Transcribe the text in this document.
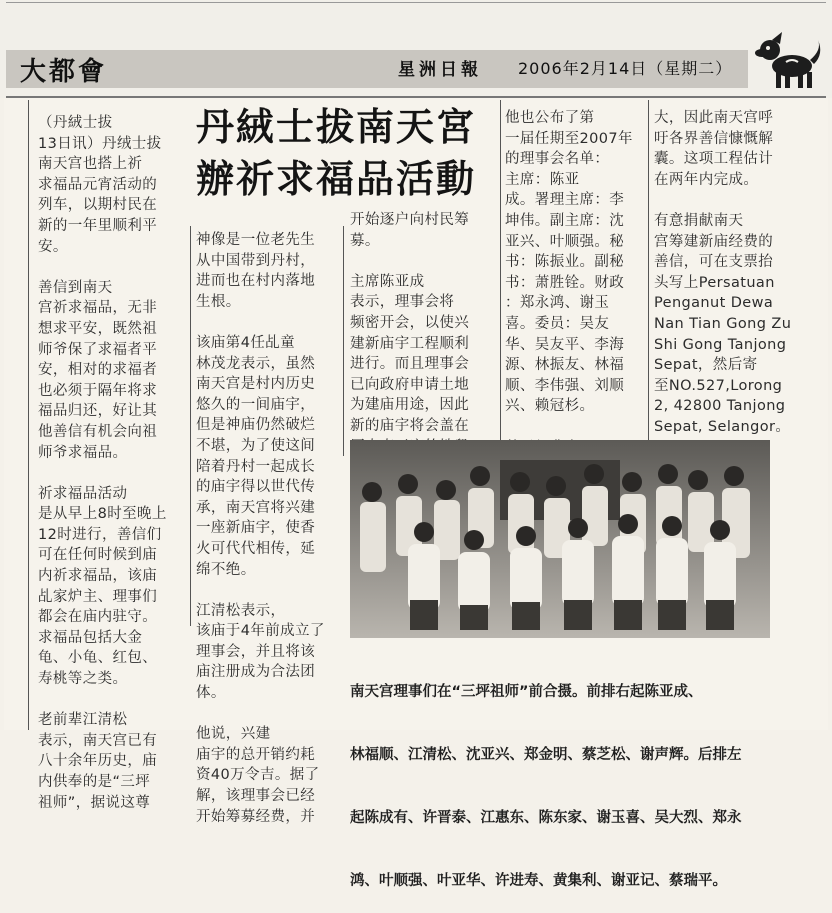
大都會	星洲日報 2006年2月14日（星期二）
丹絨士拔南天宮
辦祈求福品活動
（丹絨士拔
13日讯）丹绒士拔
南天宫也搭上祈
求福品元宵活动的
列车，以期村民在
新的一年里顺利平
安。

善信到南天
宫祈求福品，无非
想求平安，既然祖
师爷保了求福者平
安，相对的求福者
也必须于隔年将求
福品归还，好让其
他善信有机会向祖
师爷求福品。

祈求福品活动
是从早上8时至晚上
12时进行，善信们
可在任何时候到庙
内祈求福品，该庙
乩家炉主、理事们
都会在庙内驻守。
求福品包括大金
龟、小龟、红包、
寿桃等之类。

老前辈江清松
表示，南天宫已有
八十余年历史，庙
内供奉的是“三坪
祖师”，据说这尊
神像是一位老先生
从中国带到丹村，
进而也在村内落地
生根。

该庙第4任乩童
林茂龙表示，虽然
南天宫是村内历史
悠久的一间庙宇，
但是神庙仍然破烂
不堪，为了使这间
陪着丹村一起成长
的庙宇得以世代传
承，南天宫将兴建
一座新庙宇，使香
火可代代相传，延
绵不绝。

江清松表示，
该庙于4年前成立了
理事会，并且将该
庙注册成为合法团
体。

他说，兴建
庙宇的总开销约耗
资40万令吉。据了
解，该理事会已经
开始筹募经费，并
开始逐户向村民筹
募。

主席陈亚成
表示，理事会将
频密开会，以使兴
建新庙宇工程顺利
进行。而且理事会
已向政府申请土地
为建庙用途，因此
新的庙宇将会盖在
他也公布了第
一届任期至2007年
的理事会名单：
主席：陈亚
成。署理主席：李
坤伟。副主席：沈
亚兴、叶顺强。秘
书：陈振业。副秘
书：萧胜铨。财政
：郑永鸿、谢玉
喜。委员：吴友
华、吴友平、李海
源、林振友、林福
顺、李伟强、刘顺
兴、赖冠杉。

大，因此南天宫呼
吁各界善信慷慨解
囊。这项工程估计
在两年内完成。

有意捐献南天
宫筹建新庙经费的
善信，可在支票抬
头写上Persatuan
Penganut Dewa
Nan Tian Gong Zu
Shi Gong Tanjong
Sepat，然后寄
至NO.527,Lorong
2, 42800 Tanjong
Sepat, Selangor。

南天宫理事们在“三坪祖师”前合摄。前排右起陈亚成、

林福顺、江清松、沈亚兴、郑金明、蔡芝松、谢声辉。后排左

起陈成有、许晋泰、江惠东、陈东家、谢玉喜、吴大烈、郑永

鸿、叶顺强、叶亚华、许进寿、黄集利、谢亚记、蔡瑞平。
